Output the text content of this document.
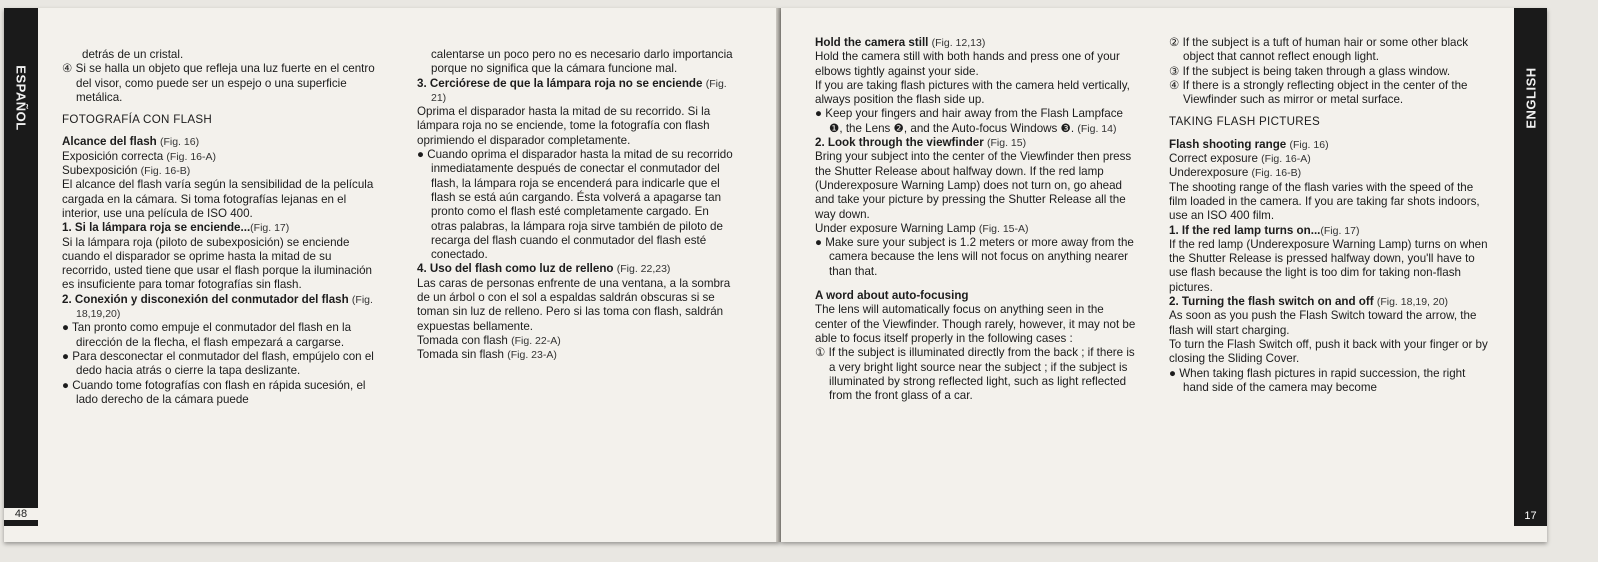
ESPAÑOL
48

detrás de un cristal.

④ Si se halla un objeto que refleja una luz fuerte en el centro del visor, como puede ser un espejo o una superficie metálica.

FOTOGRAFÍA CON FLASH

Alcance del flash (Fig. 16)

Exposición correcta (Fig. 16-A)

Subexposición (Fig. 16-B)

El alcance del flash varía según la sensibilidad de la película cargada en la cámara. Si toma fotografías lejanas en el interior, use una película de ISO 400.

1. Si la lámpara roja se enciende...(Fig. 17)

Si la lámpara roja (piloto de subexposición) se enciende cuando el disparador se oprime hasta la mitad de su recorrido, usted tiene que usar el flash porque la iluminación es insuficiente para tomar fotografías sin flash.

2. Conexión y disconexión del conmutador del flash (Fig. 18,19,20)

● Tan pronto como empuje el conmutador del flash en la dirección de la flecha, el flash empezará a cargarse.

● Para desconectar el conmutador del flash, empújelo con el dedo hacia atrás o cierre la tapa deslizante.

● Cuando tome fotografías con flash en rápida sucesión, el lado derecho de la cámara puede

calentarse un poco pero no es necesario darlo importancia porque no significa que la cámara funcione mal.

3. Cerciórese de que la lámpara roja no se enciende (Fig. 21)

Oprima el disparador hasta la mitad de su recorrido. Si la lámpara roja no se enciende, tome la fotografía con flash oprimiendo el disparador completamente.

● Cuando oprima el disparador hasta la mitad de su recorrido inmediatamente después de conectar el conmutador del flash, la lámpara roja se encenderá para indicarle que el flash se está aún cargando. Ésta volverá a apagarse tan pronto como el flash esté completamente cargado. En otras palabras, la lámpara roja sirve también de piloto de recarga del flash cuando el conmutador del flash esté conectado.

4. Uso del flash como luz de relleno (Fig. 22,23)

Las caras de personas enfrente de una ventana, a la sombra de un árbol o con el sol a espaldas saldrán obscuras si se toman sin luz de relleno. Pero si las toma con flash, saldrán expuestas bellamente.

Tomada con flash (Fig. 22-A)

Tomada sin flash (Fig. 23-A)

Hold the camera still (Fig. 12,13)

Hold the camera still with both hands and press one of your elbows tightly against your side.

If you are taking flash pictures with the camera held vertically, always position the flash side up.

● Keep your fingers and hair away from the Flash Lampface ❶, the Lens ❷, and the Auto-focus Windows ❸. (Fig. 14)

2. Look through the viewfinder (Fig. 15)

Bring your subject into the center of the Viewfinder then press the Shutter Release about halfway down. If the red lamp (Underexposure Warning Lamp) does not turn on, go ahead and take your picture by pressing the Shutter Release all the way down.

Under exposure Warning Lamp (Fig. 15-A)

● Make sure your subject is 1.2 meters or more away from the camera because the lens will not focus on anything nearer than that.

A word about auto-focusing

The lens will automatically focus on anything seen in the center of the Viewfinder. Though rarely, however, it may not be able to focus itself properly in the following cases :

① If the subject is illuminated directly from the back ; if there is a very bright light source near the subject ; if the subject is illuminated by strong reflected light, such as light reflected from the front glass of a car.

② If the subject is a tuft of human hair or some other black object that cannot reflect enough light.

③ If the subject is being taken through a glass window.

④ If there is a strongly reflecting object in the center of the Viewfinder such as mirror or metal surface.

TAKING FLASH PICTURES

Flash shooting range (Fig. 16)

Correct exposure (Fig. 16-A)

Underexposure (Fig. 16-B)

The shooting range of the flash varies with the speed of the film loaded in the camera. If you are taking far shots indoors, use an ISO 400 film.

1. If the red lamp turns on...(Fig. 17)

If the red lamp (Underexposure Warning Lamp) turns on when the Shutter Release is pressed halfway down, you'll have to use flash because the light is too dim for taking non-flash pictures.

2. Turning the flash switch on and off (Fig. 18,19, 20)

As soon as you push the Flash Switch toward the arrow, the flash will start charging.

To turn the Flash Switch off, push it back with your finger or by closing the Sliding Cover.

● When taking flash pictures in rapid succession, the right hand side of the camera may become

ENGLISH
17
